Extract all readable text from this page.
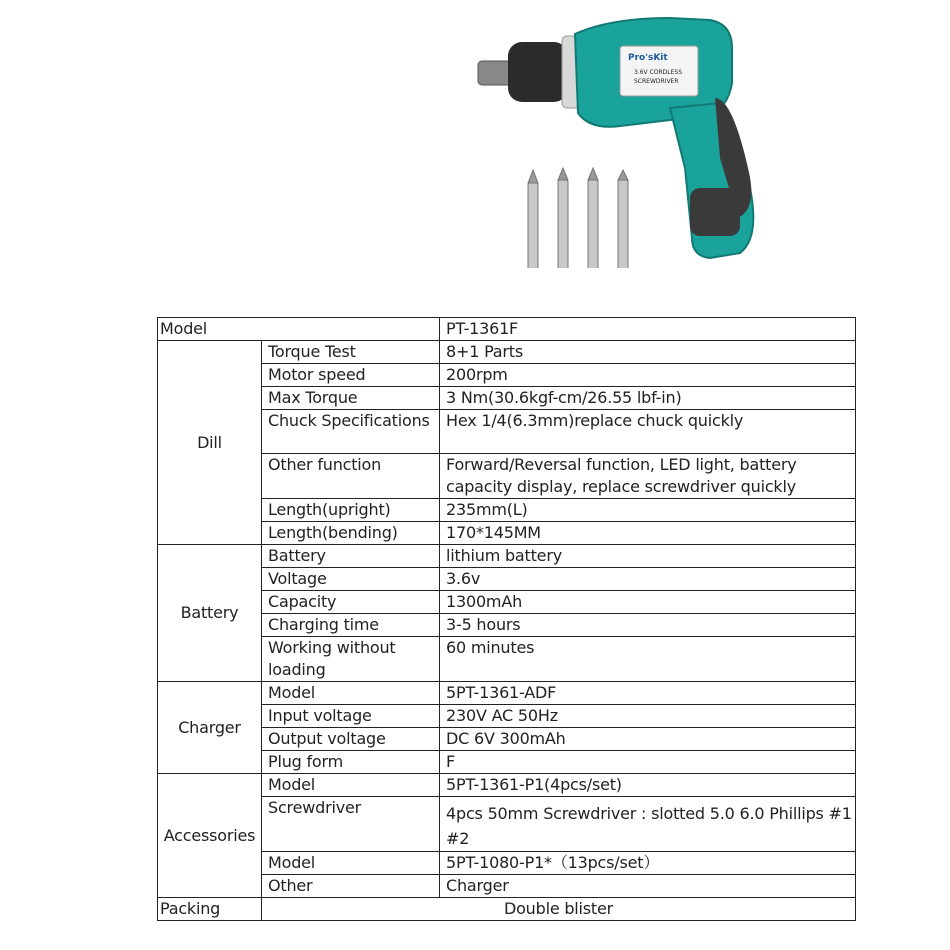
Pro'sKit
3.6V CORDLESS
SCREWDRIVER
Model		PT-1361F
Dill	Torque Test	8+1 Parts
	Motor speed	200rpm
	Max Torque	3 Nm(30.6kgf-cm/26.55 lbf-in)
	Chuck Specifications	Hex 1/4(6.3mm)replace chuck quickly
	Other function	Forward/Reversal function, LED light, battery capacity display, replace screwdriver quickly
	Length(upright)	235mm(L)
	Length(bending)	170*145MM
Battery	Battery	lithium battery
	Voltage	3.6v
	Capacity	1300mAh
	Charging time	3-5 hours
	Working without loading	60 minutes
Charger	Model	5PT-1361-ADF
	Input voltage	230V AC 50Hz
	Output voltage	DC 6V 300mAh
	Plug form	F
Accessories	Model	5PT-1361-P1(4pcs/set)
	Screwdriver	4pcs 50mm Screwdriver : slotted 5.0 6.0 Phillips #1 #2
	Model	5PT-1080-P1*（13pcs/set）
	Other	Charger
Packing	Double blister	
